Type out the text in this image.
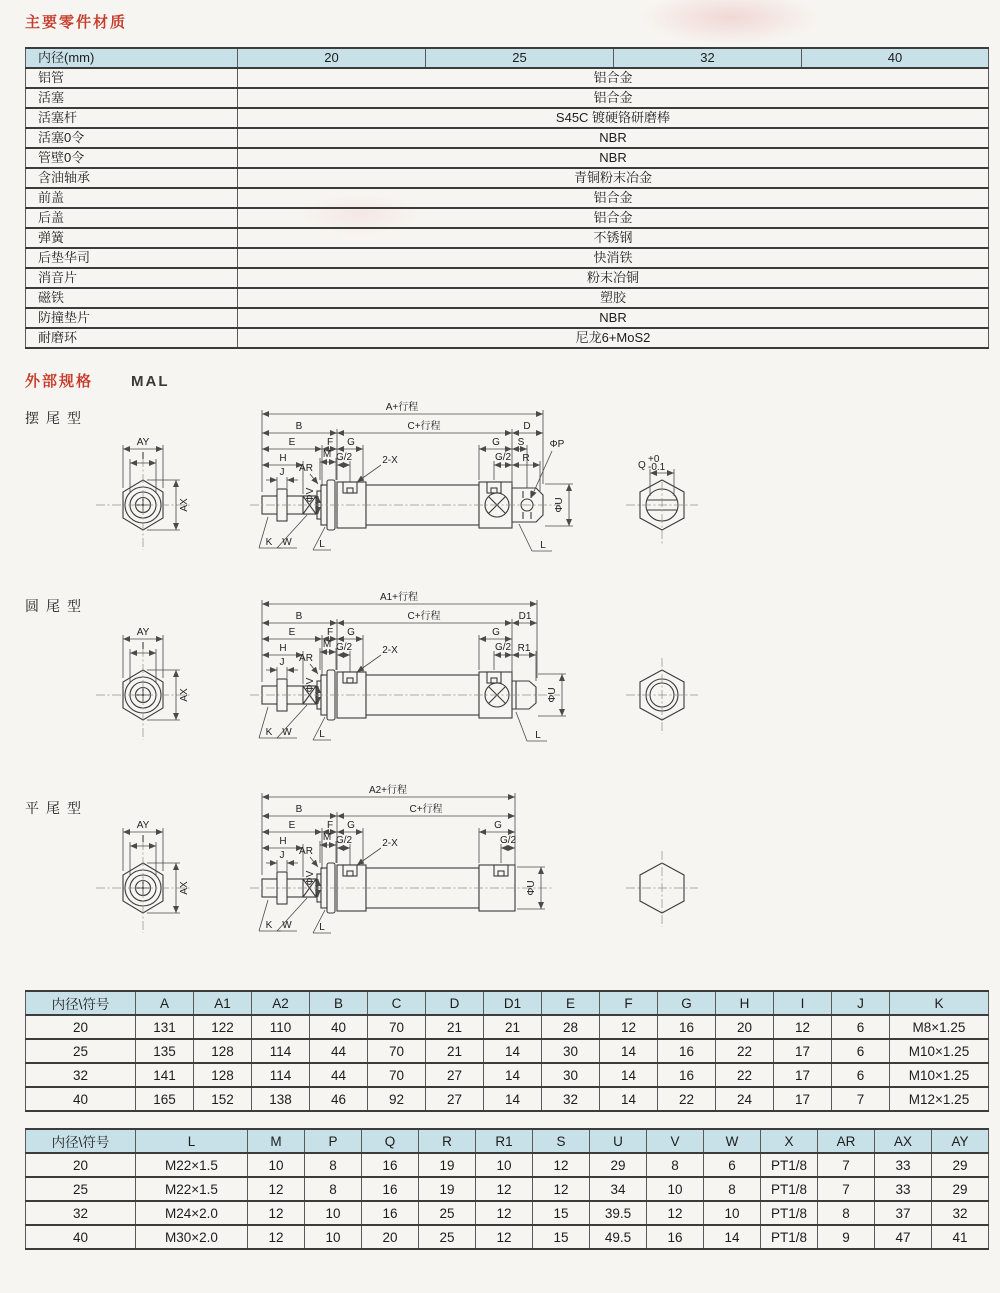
主要零件材质
内径(mm)	20	25	32	40
铝管	铝合金			
活塞	铝合金			
活塞杆	S45C 镀硬铬研磨棒			
活塞0令	NBR			
管壁0令	NBR			
含油轴承	青铜粉末冶金			
前盖	铝合金			
后盖	铝合金			
弹簧	不锈钢			
后垫华司	快消铁			
消音片	粉末冶铜			
磁铁	塑胶			
防撞垫片	NBR			
耐磨环	尼龙6+MoS2			
外部规格	MAL
摆尾型
圆尾型
平尾型
AY
I
AX
A+行程
B	C+行程	D
E	F G	G S
H	M G/2	G/2 R
AR
ΦV
2-X
J
K W	L
ΦP
L
ΦU
Q
+0
-0.1
AY
I
AX
A1+行程
B	C+行程	D1
E	F G	G
H	M G/2	G/2 R1
AR
ΦV
2-X
J
K W	L	L
ΦU
AY
I
AX
A2+行程
B	C+行程
E	F G	G
H	M G/2	G/2
AR
ΦV
2-X
J
K W	L
ΦU
内径\符号	A	A1	A2	B	C	D	D1	E	F	G	H	I	J	K
20	131	122	110	40	70	21	21	28	12	16	20	12	6	M8×1.25
25	135	128	114	44	70	21	14	30	14	16	22	17	6	M10×1.25
32	141	128	114	44	70	27	14	30	14	16	22	17	6	M10×1.25
40	165	152	138	46	92	27	14	32	14	22	24	17	7	M12×1.25
内径\符号	L	M	P	Q	R	R1	S	U	V	W	X	AR	AX	AY
20	M22×1.5	10	8	16	19	10	12	29	8	6	PT1/8	7	33	29
25	M22×1.5	12	8	16	19	12	12	34	10	8	PT1/8	7	33	29
32	M24×2.0	12	10	16	25	12	15	39.5	12	10	PT1/8	8	37	32
40	M30×2.0	12	10	20	25	12	15	49.5	16	14	PT1/8	9	47	41
